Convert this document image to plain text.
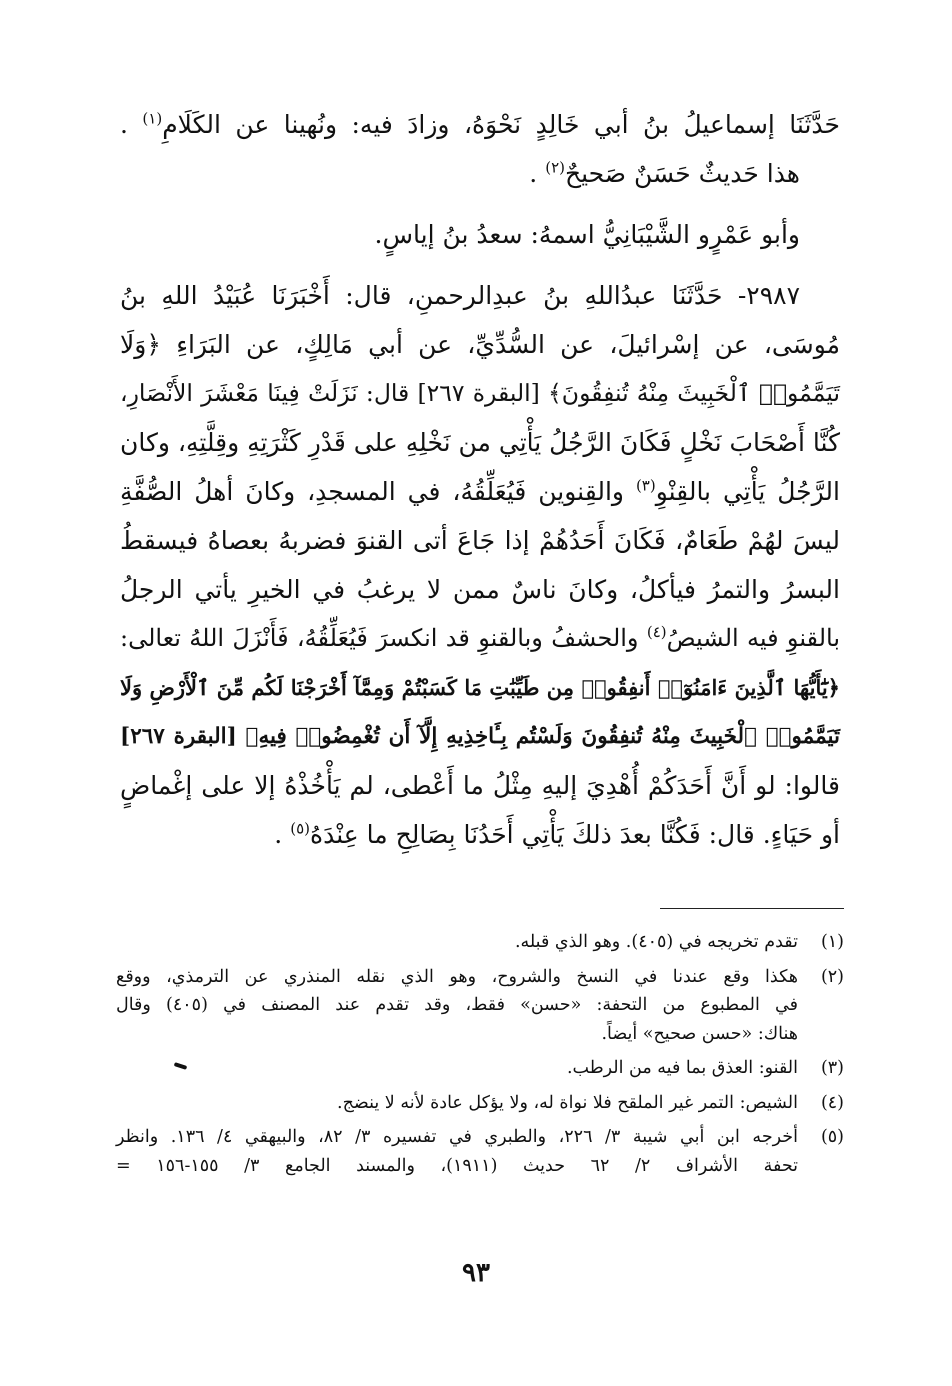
حَدَّثَنَا إسماعيلُ بنُ أبي خَالِدٍ نَحْوَهُ، وزادَ فيه: ونُهينا عن الكَلَامِ$^{(١)}$ .

هذا حَديثٌ حَسَنٌ صَحيحٌ$^{(٢)}$ .

وأبو عَمْرٍو الشَّيْبَانِيُّ اسمهُ: سعدُ بنُ إياسٍ.

٢٩٨٧- حَدَّثَنَا عبدُاللهِ بنُ عبدِالرحمنِ، قال: أَخْبَرَنَا عُبَيْدُ اللهِ بنُ

مُوسَى، عن إسْرائيلَ، عن السُّدِّيِّ، عن أبي مَالِكٍ، عن البَرَاءِ ﴿وَلَا

تَيَمَّمُوا۟ ٱلْخَبِيثَ مِنْهُ تُنفِقُونَ﴾ [البقرة ٢٦٧] قال: نَزَلَتْ فِينَا مَعْشَرَ الأَنْصَارِ،

كُنَّا أَصْحَابَ نَخْلٍ فَكَانَ الرَّجُلُ يَأْتِي من نَخْلِهِ على قَدْرِ كَثْرَتِهِ وقِلَّتِهِ، وكان

الرَّجُلُ يَأْتِي بالقِنْوِ$^{(٣)}$ والقِنوين فَيُعَلِّقُهُ، في المسجدِ، وكانَ أهلُ الصُّفَّةِ

ليسَ لهُمْ طَعَامٌ، فَكَانَ أَحَدُهُمْ إذا جَاعَ أتى القنوَ فضربهُ بعصاهُ فيسقطُ

البسرُ والتمرُ فيأكلُ، وكانَ ناسٌ ممن لا يرغبُ في الخيرِ يأتي الرجلُ

بالقنوِ فيه الشيصُ$^{(٤)}$ والحشفُ وبالقنوِ قد انكسرَ فَيُعَلِّقُهُ، فَأَنْزَلَ اللهُ تعالى:

﴿يَٰٓأَيُّهَا ٱلَّذِينَ ءَامَنُوٓا۟ أَنفِقُوا۟ مِن طَيِّبَٰتِ مَا كَسَبْتُمْ وَمِمَّآ أَخْرَجْنَا لَكُم مِّنَ ٱلْأَرْضِ وَلَا

تَيَمَّمُوا۟ ٱلْخَبِيثَ مِنْهُ تُنفِقُونَ وَلَسْتُم بِـَٔاخِذِيهِ إِلَّآ أَن تُغْمِضُوا۟ فِيهِ﴾ [البقرة ٢٦٧]

قالوا: لو أَنَّ أَحَدَكُمْ أُهْدِيَ إليهِ مِثْلُ ما أَعْطى، لم يَأْخُذْهُ إلا على إغْماضٍ

أو حَيَاءٍ. قال: فَكُنَّا بعدَ ذلكَ يَأْتِي أَحَدُنَا بِصَالِحِ ما عِنْدَهُ$^{(٥)}$ .

(١)
تقدم تخريجه في (٤٠٥). وهو الذي قبله.
(٢)
هكذا وقع عندنا في النسخ والشروح، وهو الذي نقله المنذري عن الترمذي، ووقع
في المطبوع من التحفة: «حسن» فقط، وقد تقدم عند المصنف في (٤٠٥) وقال
هناك: «حسن صحيح» أيضاً.
(٣)
القنو: العذق بما فيه من الرطب.
(٤)
الشيص: التمر غير الملقح فلا نواة له، ولا يؤكل عادة لأنه لا ينضج.
(٥)
أخرجه ابن أبي شيبة ٣/ ٢٢٦، والطبري في تفسيره ٣/ ٨٢، والبيهقي ٤/ ١٣٦. وانظر
تحفة الأشراف ٢/ ٦٢ حديث (١٩١١)، والمسند الجامع ٣/ ١٥٥-١٥٦ =
٩٣
